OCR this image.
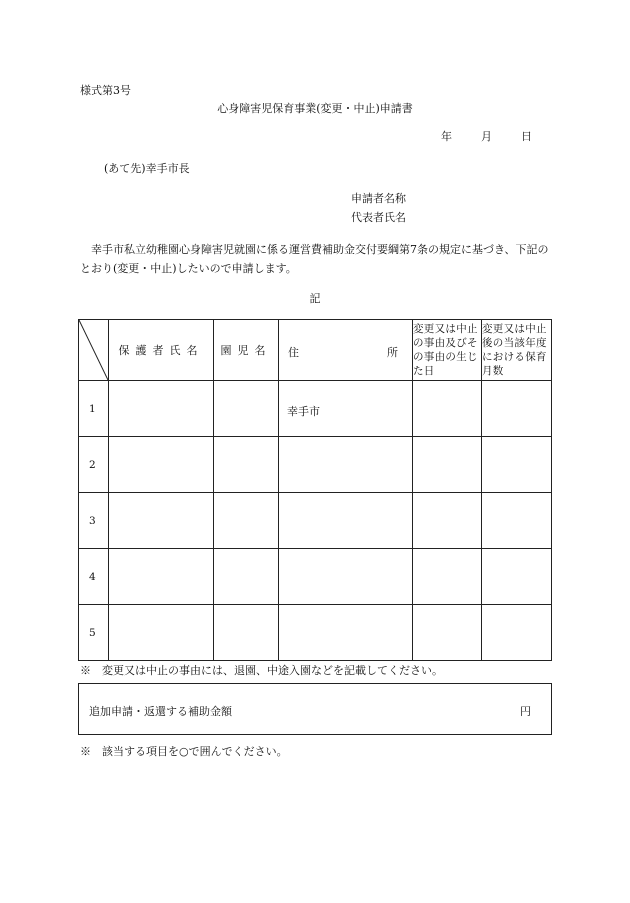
様式第3号
心身障害児保育事業(変更・中止)申請書
年	月	日
(あて先)幸手市長
申請者名称
代表者氏名
幸手市私立幼稚園心身障害児就園に係る運営費補助金交付要綱第7条の規定に基づき、下記のとおり(変更・中止)したいので申請します。
記
	保護者氏名	園児名	住 所	変更又は中止の事由及びその事由の生じた日	変更又は中止後の当該年度における保育月数
1			幸手市		

2					
3					
4					
5					
※　変更又は中止の事由には、退園、中途入園などを記載してください。
追加申請・返還する補助金額	円
※　該当する項目を○で囲んでください。
